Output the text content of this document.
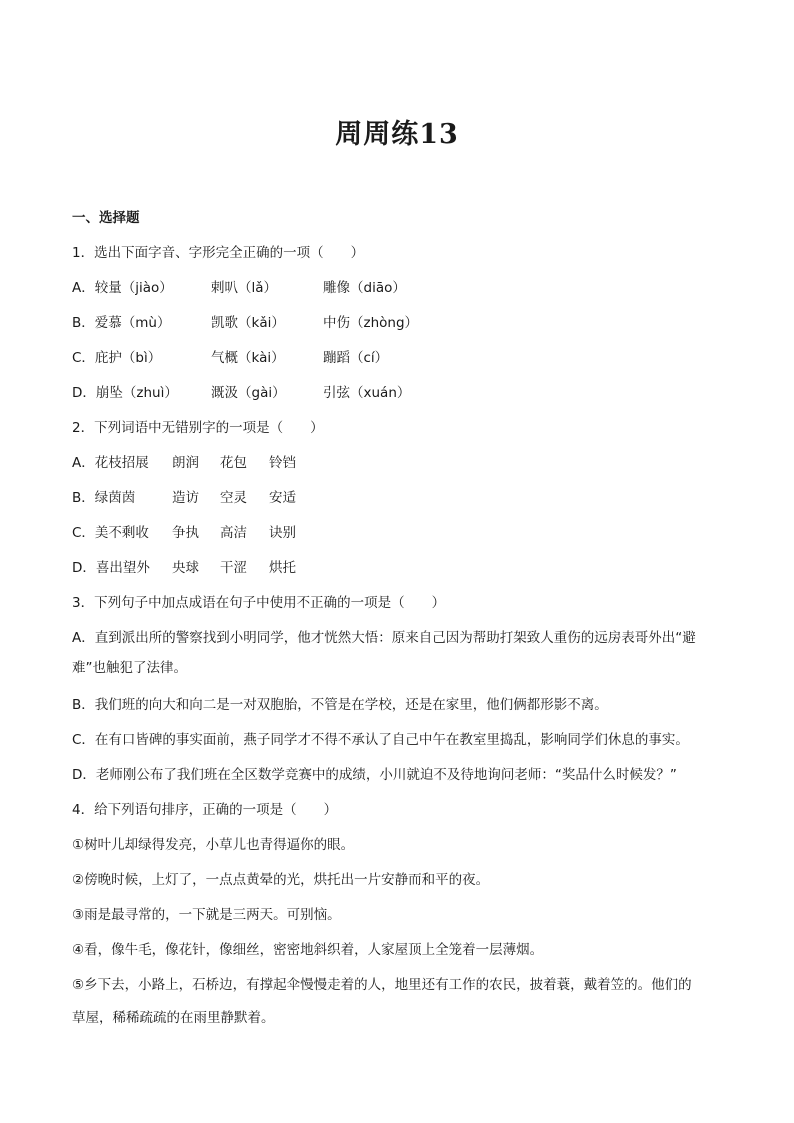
周周练13
一、选择题
1．选出下面字音、字形完全正确的一项（　　）
A．较量（jiào）	剌叭（lǎ）	雕像（diāo）
B．爱慕（mù）	凯歌（kǎi）	中伤（zhòng）
C．庇护（bì）	气概（kài）	蹦蹈（cí）
D．崩坠（zhuì） 溉汲（gài）	引弦（xuán）
2．下列词语中无错别字的一项是（　　）
A．花枝招展 朗润 花包 铃铛
B．绿茵茵	造访 空灵 安适
C．美不剩收 争执 高洁 诀别
D．喜出望外 央球 干涩 烘托
3．下列句子中加点成语在句子中使用不正确的一项是（　　）
A．直到派出所的警察找到小明同学，他才恍然大悟：原来自己因为帮助打架致人重伤的远房表哥外出“避
难”也触犯了法律。
B．我们班的向大和向二是一对双胞胎，不管是在学校，还是在家里，他们俩都形影不离。
C．在有口皆碑的事实面前，燕子同学才不得不承认了自己中午在教室里捣乱，影响同学们休息的事实。
D．老师刚公布了我们班在全区数学竞赛中的成绩，小川就迫不及待地询问老师：“奖品什么时候发？”
4．给下列语句排序，正确的一项是（　　）
①树叶儿却绿得发亮，小草儿也青得逼你的眼。
②傍晚时候，上灯了，一点点黄晕的光，烘托出一片安静而和平的夜。
③雨是最寻常的，一下就是三两天。可别恼。
④看，像牛毛，像花针，像细丝，密密地斜织着，人家屋顶上全笼着一层薄烟。
⑤乡下去，小路上，石桥边，有撑起伞慢慢走着的人，地里还有工作的农民，披着蓑，戴着笠的。他们的
草屋，稀稀疏疏的在雨里静默着。
